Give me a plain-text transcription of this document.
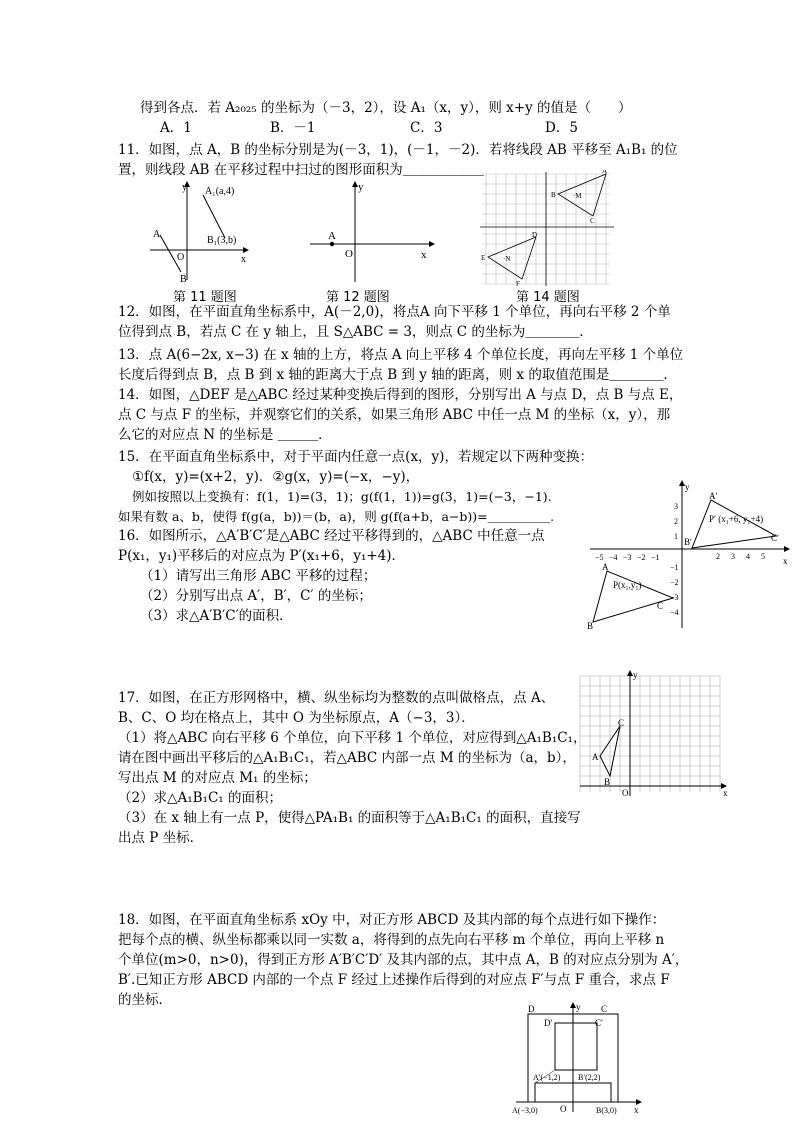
得到各点．若 A₂₀₂₅ 的坐标为（－3，2），设 A₁（x，y），则 x+y 的值是（　　）
A．1	B．－1	C．3	D．5
11．如图，点 A，B 的坐标分别是为(－3，1)，(－1，－2)．若将线段 AB 平移至 A₁B₁ 的位
置，则线段 AB 在平移过程中扫过的图形面积为＿＿＿＿＿＿
y
x
O
A
B
A₁(a,4)
B₁(3,b)
第 11 题图
A
y
x
O
第 12 题图
B
A
·M
C
D
E	·N
F
第 14 题图
12．如图，在平面直角坐标系中，A(－2,0)，将点A 向下平移 1 个单位，再向右平移 2 个单
位得到点 B，若点 C 在 y 轴上，且 S△ABC = 3，则点 C 的坐标为＿＿＿＿．
13．点 A(6−2x, x−3) 在 x 轴的上方，将点 A 向上平移 4 个单位长度，再向左平移 1 个单位
长度后得到点 B，点 B 到 x 轴的距离大于点 B 到 y 轴的距离，则 x 的取值范围是＿＿＿＿．
14．如图，△DEF 是△ABC 经过某种变换后得到的图形，分别写出 A 与点 D，点 B 与点 E，
点 C 与点 F 的坐标，并观察它们的关系，如果三角形 ABC 中任一点 M 的坐标（x，y），那
么它的对应点 N 的坐标是 ＿＿＿．
15．在平面直角坐标系中，对于平面内任意一点(x，y)，若规定以下两种变换：
①f(x，y)=(x+2，y)．②g(x，y)=(−x，−y)，
例如按照以上变换有：f(1，1)=(3，1)；g(f(1，1))=g(3，1)=(−3，−1).
如果有数 a、b，使得 f(g(a，b))＝(b，a)，则 g(f(a+b，a−b))=＿＿＿＿＿.
16．如图所示，△A′B′C′是△ABC 经过平移得到的，△ABC 中任意一点
P(x₁，y₁)平移后的对应点为 P′(x₁+6，y₁+4)．
（1）请写出三角形 ABC 平移的过程；
（2）分别写出点 A′，B′，C′ 的坐标；
（3）求△A′B′C′的面积．
y
x
A′
P′ (x₁+6, y₁+4)
B′	C′
A
P(x₁,y₁)
C
B
−5 −4 −3 −2 −1	2 3 4 5
3
2
1
−1
−2
−3
−4
17．如图，在正方形网格中，横、纵坐标均为整数的点叫做格点，点 A、
B、C、O 均在格点上，其中 O 为坐标原点，A（−3，3）．
（1）将△ABC 向右平移 6 个单位，向下平移 1 个单位，对应得到△A₁B₁C₁，
请在图中画出平移后的△A₁B₁C₁，若△ABC 内部一点 M 的坐标为（a，b），
写出点 M 的对应点 M₁ 的坐标；
（2）求△A₁B₁C₁ 的面积；
（3）在 x 轴上有一点 P，使得△PA₁B₁ 的面积等于△A₁B₁C₁ 的面积，直接写
出点 P 坐标．
y
x
O
A
B
C
18．如图，在平面直角坐标系 xOy 中，对正方形 ABCD 及其内部的每个点进行如下操作：
把每个点的横、纵坐标都乘以同一实数 a，将得到的点先向右平移 m 个单位，再向上平移 n
个单位(m>0，n>0)，得到正方形 A′B′C′D′ 及其内部的点，其中点 A，B 的对应点分别为 A′，
B′.已知正方形 ABCD 内部的一个点 F 经过上述操作后得到的对应点 F′与点 F 重合，求点 F
的坐标．
D	y C
D′	C′
A′(−1,2) B′(2,2)
A(−3,0) O	B(3,0) x
